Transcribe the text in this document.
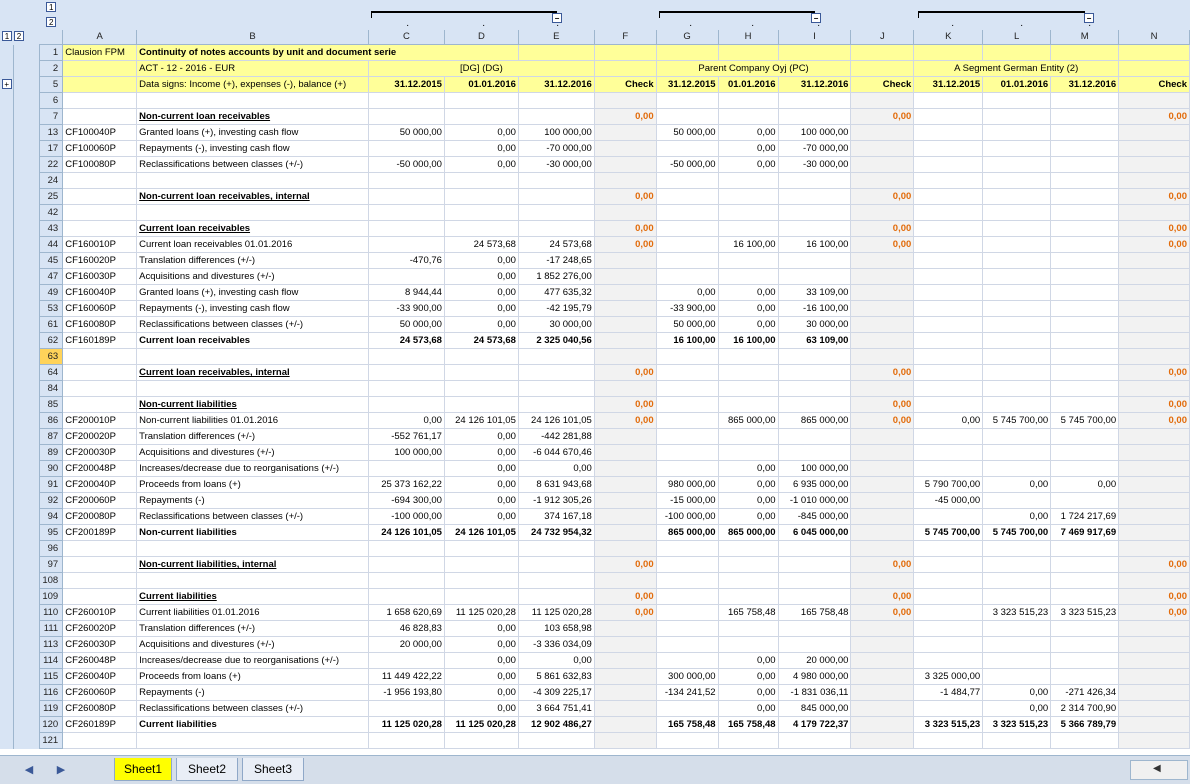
		1														
		2														
1	2		A	B	C	D	E	F	G	H	I	J	K	L	M	N
		1	Clausion FPM	Continuity of notes accounts by unit and document serie												
		2		ACT - 12 - 2016 - EUR	[DG] (DG)				Parent Company Oyj (PC)				A Segment German Entity (2)			
+		5		Data signs: Income (+), expenses (-), balance (+)	31.12.2015	01.01.2016	31.12.2016	Check	31.12.2015	01.01.2016	31.12.2016	Check	31.12.2015	01.01.2016	31.12.2016	Check
		6														
		7		Non-current loan receivables				0,00				0,00				0,00
		13	CF100040P	Granted loans (+), investing cash flow	50 000,00	0,00	100 000,00		50 000,00	0,00	100 000,00					
		17	CF100060P	Repayments (-), investing cash flow		0,00	-70 000,00			0,00	-70 000,00					
		22	CF100080P	Reclassifications between classes (+/-)	-50 000,00	0,00	-30 000,00		-50 000,00	0,00	-30 000,00					
		24														
		25		Non-current loan receivables, internal				0,00				0,00				0,00
		42														
		43		Current loan receivables				0,00				0,00				0,00
		44	CF160010P	Current loan receivables 01.01.2016		24 573,68	24 573,68	0,00		16 100,00	16 100,00	0,00				0,00
		45	CF160020P	Translation differences (+/-)	-470,76	0,00	-17 248,65									
		47	CF160030P	Acquisitions and divestures (+/-)		0,00	1 852 276,00									
		49	CF160040P	Granted loans (+), investing cash flow	8 944,44	0,00	477 635,32		0,00	0,00	33 109,00					
		53	CF160060P	Repayments (-), investing cash flow	-33 900,00	0,00	-42 195,79		-33 900,00	0,00	-16 100,00					
		61	CF160080P	Reclassifications between classes (+/-)	50 000,00	0,00	30 000,00		50 000,00	0,00	30 000,00					
		62	CF160189P	Current loan receivables	24 573,68	24 573,68	2 325 040,56		16 100,00	16 100,00	63 109,00					
		63														
		64		Current loan receivables, internal				0,00				0,00				0,00
		84														
		85		Non-current liabilities				0,00				0,00				0,00
		86	CF200010P	Non-current liabilities 01.01.2016	0,00	24 126 101,05	24 126 101,05	0,00		865 000,00	865 000,00	0,00	0,00	5 745 700,00	5 745 700,00	0,00
		87	CF200020P	Translation differences (+/-)	-552 761,17	0,00	-442 281,88									
		89	CF200030P	Acquisitions and divestures (+/-)	100 000,00	0,00	-6 044 670,46									
		90	CF200048P	Increases/decrease due to reorganisations (+/-)		0,00	0,00			0,00	100 000,00					
		91	CF200040P	Proceeds from loans (+)	25 373 162,22	0,00	8 631 943,68		980 000,00	0,00	6 935 000,00		5 790 700,00	0,00	0,00	
		92	CF200060P	Repayments (-)	-694 300,00	0,00	-1 912 305,26		-15 000,00	0,00	-1 010 000,00		-45 000,00			
		94	CF200080P	Reclassifications between classes (+/-)	-100 000,00	0,00	374 167,18		-100 000,00	0,00	-845 000,00			0,00	1 724 217,69	
		95	CF200189P	Non-current liabilities	24 126 101,05	24 126 101,05	24 732 954,32		865 000,00	865 000,00	6 045 000,00		5 745 700,00	5 745 700,00	7 469 917,69	
		96														
		97		Non-current liabilities, internal				0,00				0,00				0,00
		108														
		109		Current liabilities				0,00				0,00				0,00
		110	CF260010P	Current liabilities 01.01.2016	1 658 620,69	11 125 020,28	11 125 020,28	0,00		165 758,48	165 758,48	0,00		3 323 515,23	3 323 515,23	0,00
		111	CF260020P	Translation differences (+/-)	46 828,83	0,00	103 658,98									
		113	CF260030P	Acquisitions and divestures (+/-)	20 000,00	0,00	-3 336 034,09									
		114	CF260048P	Increases/decrease due to reorganisations (+/-)		0,00	0,00			0,00	20 000,00					
		115	CF260040P	Proceeds from loans (+)	11 449 422,22	0,00	5 861 632,83		300 000,00	0,00	4 980 000,00		3 325 000,00			
		116	CF260060P	Repayments (-)	-1 956 193,80	0,00	-4 309 225,17		-134 241,52	0,00	-1 831 036,11		-1 484,77	0,00	-271 426,34	
		119	CF260080P	Reclassifications between classes (+/-)		0,00	3 664 751,41			0,00	845 000,00			0,00	2 314 700,90	
		120	CF260189P	Current liabilities	11 125 020,28	11 125 020,28	12 902 486,27		165 758,48	165 758,48	4 179 722,37		3 323 515,23	3 323 515,23	5 366 789,79	
		121														
−
·	·	·
−
·	·	·
−
·	·	·
◀ ▶	Sheet1	Sheet2	Sheet3	◀
